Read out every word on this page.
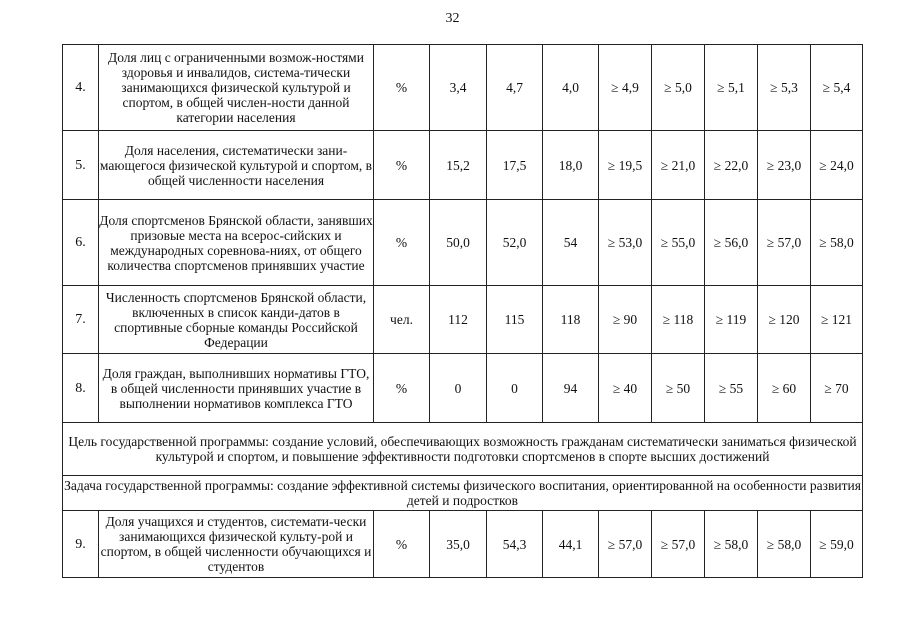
32
4.	Доля лиц с ограниченными возмож-ностями здоровья и инвалидов, система-тически занимающихся физической культурой и спортом, в общей числен-ности данной категории населения	%	3,4	4,7	4,0	≥ 4,9	≥ 5,0	≥ 5,1	≥ 5,3	≥ 5,4
5.	Доля населения, систематически зани-мающегося физической культурой и спортом, в общей численности населения	%	15,2	17,5	18,0	≥ 19,5	≥ 21,0	≥ 22,0	≥ 23,0	≥ 24,0
6.	Доля спортсменов Брянской области, занявших призовые места на всерос-сийских и международных соревнова-ниях, от общего количества спортсменов принявших участие	%	50,0	52,0	54	≥ 53,0	≥ 55,0	≥ 56,0	≥ 57,0	≥ 58,0
7.	Численность спортсменов Брянской области, включенных в список канди-датов в спортивные сборные команды Российской Федерации	чел.	112	115	118	≥ 90	≥ 118	≥ 119	≥ 120	≥ 121
8.	Доля граждан, выполнивших нормативы ГТО, в общей численности принявших участие в выполнении нормативов комплекса ГТО	%	0	0	94	≥ 40	≥ 50	≥ 55	≥ 60	≥ 70
Цель государственной программы: создание условий, обеспечивающих возможность гражданам систематически заниматься физической культурой и спортом, и повышение эффективности подготовки спортсменов в спорте высших достижений										
Задача государственной программы: создание эффективной системы физического воспитания, ориентированной на особенности развития детей и подростков										
9.	Доля учащихся и студентов, системати-чески занимающихся физической культу-рой и спортом, в общей численности обучающихся и студентов	%	35,0	54,3	44,1	≥ 57,0	≥ 57,0	≥ 58,0	≥ 58,0	≥ 59,0
